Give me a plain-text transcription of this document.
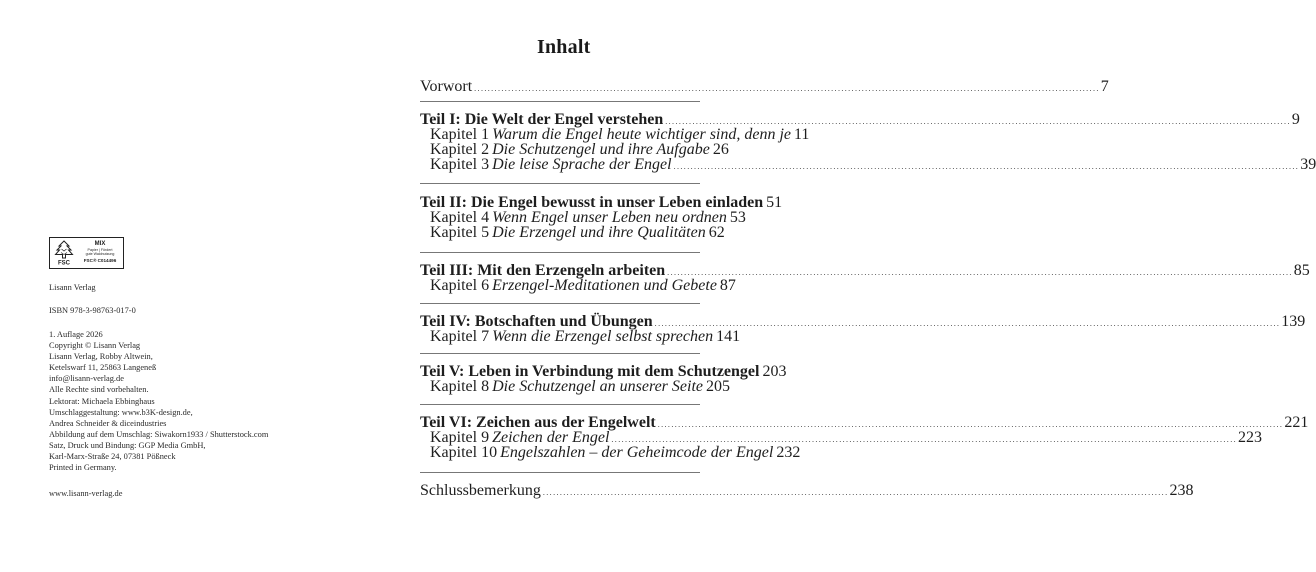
FSC
MIX
Papier | Fördert
gute Waldnutzung
FSC® C014496
Lisann Verlag
ISBN 978-3-98763-017-0
1. Auflage 2026
Copyright © Lisann Verlag
Lisann Verlag, Robby Altwein,
Ketelswarf 11, 25863 Langeneß
info@lisann-verlag.de
Alle Rechte sind vorbehalten.
Lektorat: Michaela Ebbinghaus
Umschlaggestaltung: www.b3K-design.de,
Andrea Schneider & diceindustries
Abbildung auf dem Umschlag: Siwakorn1933 / Shutterstock.com
Satz, Druck und Bindung: GGP Media GmbH,
Karl-Marx-Straße 24, 07381 Pößneck
Printed in Germany.
www.lisann-verlag.de
Inhalt
Vorwort .....	7
Teil I: Die Welt der Engel verstehen .....	9
Kapitel 1 Warum die Engel heute wichtiger sind, denn je 11
Kapitel 2 Die Schutzengel und ihre Aufgabe 26
Kapitel 3 Die leise Sprache der Engel .....	39
Teil II: Die Engel bewusst in unser Leben einladen 51
Kapitel 4 Wenn Engel unser Leben neu ordnen 53
Kapitel 5 Die Erzengel und ihre Qualitäten 62
Teil III: Mit den Erzengeln arbeiten .....	85
Kapitel 6 Erzengel-Meditationen und Gebete 87
Teil IV: Botschaften und Übungen .....	139
Kapitel 7 Wenn die Erzengel selbst sprechen 141
Teil V: Leben in Verbindung mit dem Schutzengel 203
Kapitel 8 Die Schutzengel an unserer Seite 205
Teil VI: Zeichen aus der Engelwelt .....	221
Kapitel 9 Zeichen der Engel .....	223
Kapitel 10 Engelszahlen – der Geheimcode der Engel 232
Schlussbemerkung .....	238
